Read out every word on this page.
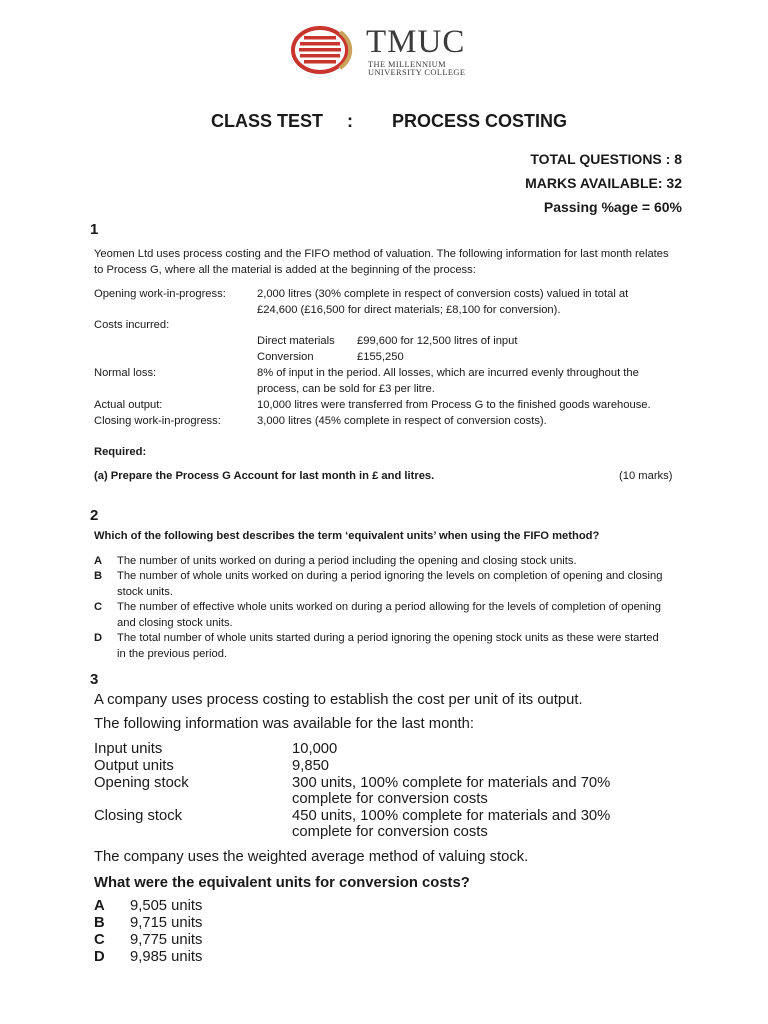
TMUC
THE MILLENNIUM
UNIVERSITY COLLEGE
CLASS TEST : PROCESS COSTING
TOTAL QUESTIONS : 8
MARKS AVAILABLE: 32
Passing %age = 60%
1
Yeomen Ltd uses process costing and the FIFO method of valuation. The following information for last month relates
to Process G, where all the material is added at the beginning of the process:
Opening work-in-progress:	2,000 litres (30% complete in respect of conversion costs) valued in total at
£24,600 (£16,500 for direct materials; £8,100 for conversion).
Costs incurred:
Direct materials £99,600 for 12,500 litres of input
Conversion	£155,250
Normal loss:	8% of input in the period. All losses, which are incurred evenly throughout the
process, can be sold for £3 per litre.
Actual output:	10,000 litres were transferred from Process G to the finished goods warehouse.
Closing work-in-progress:	3,000 litres (45% complete in respect of conversion costs).
Required:
(a) Prepare the Process G Account for last month in £ and litres.	(10 marks)
2
Which of the following best describes the term ‘equivalent units’ when using the FIFO method?
A The number of units worked on during a period including the opening and closing stock units.
B The number of whole units worked on during a period ignoring the levels on completion of opening and closing
stock units.
C The number of effective whole units worked on during a period allowing for the levels of completion of opening
and closing stock units.
D The total number of whole units started during a period ignoring the opening stock units as these were started
in the previous period.
3
A company uses process costing to establish the cost per unit of its output.
The following information was available for the last month:
Input units	10,000
Output units	9,850
Opening stock	300 units, 100% complete for materials and 70%
complete for conversion costs
Closing stock	450 units, 100% complete for materials and 30%
complete for conversion costs
The company uses the weighted average method of valuing stock.
What were the equivalent units for conversion costs?
A 9,505 units
B 9,715 units
C 9,775 units
D 9,985 units
